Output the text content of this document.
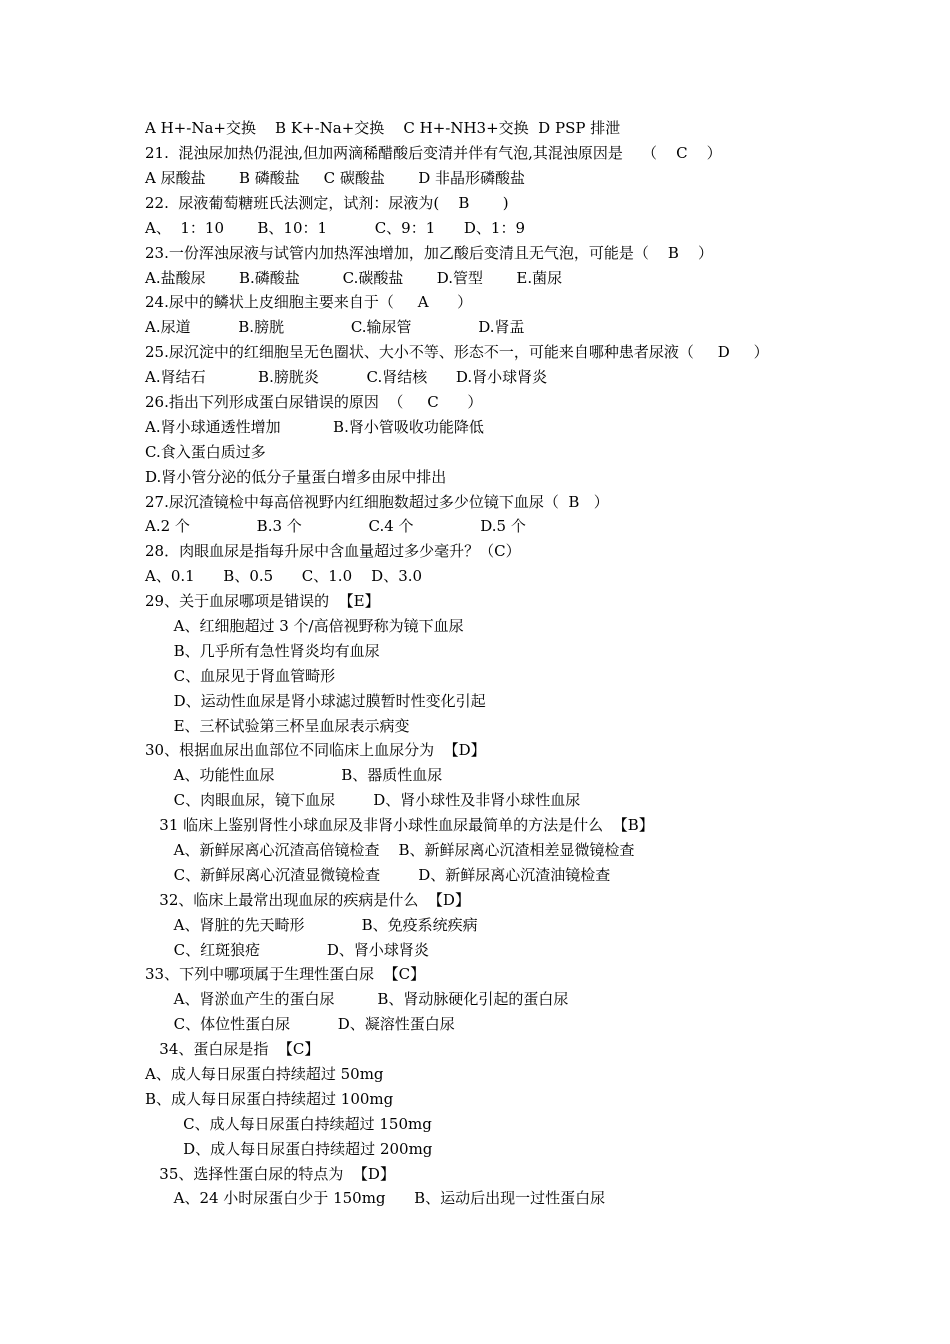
A H+-Na+交换    B K+-Na+交换    C H+-NH3+交换  D PSP 排泄
21.  混浊尿加热仍混浊,但加两滴稀醋酸后变清并伴有气泡,其混浊原因是    （    C    ）
A 尿酸盐       B 磷酸盐     C 碳酸盐       D 非晶形磷酸盐
22.  尿液葡萄糖班氏法测定，试剂：尿液为(    B       )
A、  1：10       B、10：1          C、9：1      D、1：9
23.一份浑浊尿液与试管内加热浑浊增加，加乙酸后变清且无气泡，可能是（    B    ）
A.盐酸尿       B.磷酸盐         C.碳酸盐       D.管型       E.菌尿
24.尿中的鳞状上皮细胞主要来自于（     A      ）
A.尿道          B.膀胱              C.输尿管              D.肾盂
25.尿沉淀中的红细胞呈无色圈状、大小不等、形态不一，可能来自哪种患者尿液（     D     ）
A.肾结石           B.膀胱炎          C.肾结核      D.肾小球肾炎
26.指出下列形成蛋白尿错误的原因  （     C      ）
A.肾小球通透性增加           B.肾小管吸收功能降低
C.食入蛋白质过多
D.肾小管分泌的低分子量蛋白增多由尿中排出
27.尿沉渣镜检中每高倍视野内红细胞数超过多少位镜下血尿（  B   ）
A.2 个              B.3 个              C.4 个              D.5 个
28．肉眼血尿是指每升尿中含血量超过多少毫升？（C）
A、0.1      B、0.5      C、1.0    D、3.0
29、关于血尿哪项是错误的  【E】
A、红细胞超过 3 个/高倍视野称为镜下血尿
B、几乎所有急性肾炎均有血尿
C、血尿见于肾血管畸形
D、运动性血尿是肾小球滤过膜暂时性变化引起
E、三杯试验第三杯呈血尿表示病变
30、根据血尿出血部位不同临床上血尿分为  【D】
A、功能性血尿              B、器质性血尿
C、肉眼血尿，镜下血尿        D、肾小球性及非肾小球性血尿
31 临床上鉴别肾性小球血尿及非肾小球性血尿最简单的方法是什么  【B】
A、新鲜尿离心沉渣高倍镜检查    B、新鲜尿离心沉渣相差显微镜检查
C、新鲜尿离心沉渣显微镜检查        D、新鲜尿离心沉渣油镜检查
32、临床上最常出现血尿的疾病是什么  【D】
A、肾脏的先天畸形            B、免疫系统疾病
C、红斑狼疮              D、肾小球肾炎
33、下列中哪项属于生理性蛋白尿  【C】
A、肾淤血产生的蛋白尿         B、肾动脉硬化引起的蛋白尿
C、体位性蛋白尿          D、凝溶性蛋白尿
34、蛋白尿是指  【C】
A、成人每日尿蛋白持续超过 50mg
B、成人每日尿蛋白持续超过 100mg
C、成人每日尿蛋白持续超过 150mg
D、成人每日尿蛋白持续超过 200mg
35、选择性蛋白尿的特点为  【D】
A、24 小时尿蛋白少于 150mg      B、运动后出现一过性蛋白尿
